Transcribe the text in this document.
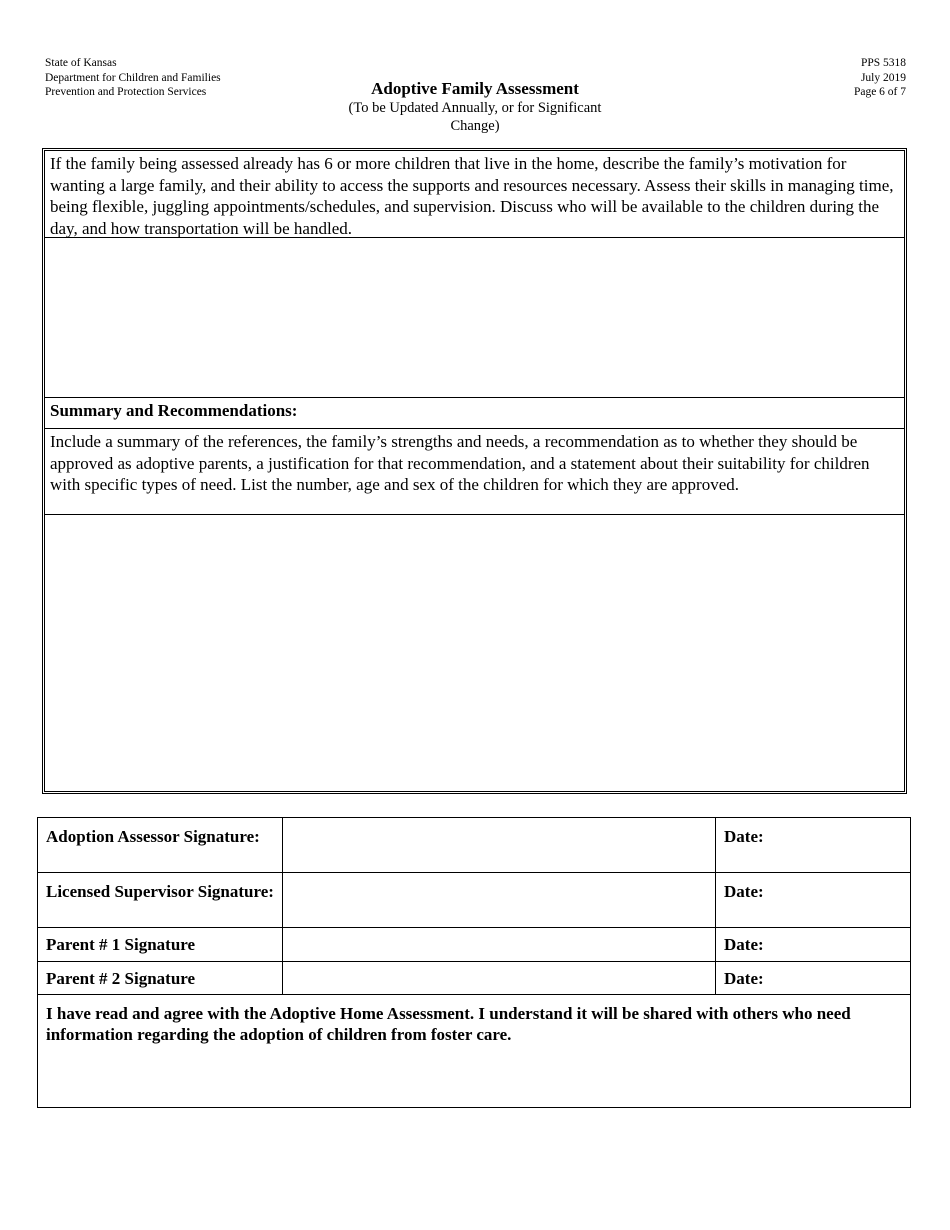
State of Kansas
Department for Children and Families
Prevention and Protection Services	Adoptive Family Assessment
(To be Updated Annually, or for Significant
Change)
PPS 5318
July 2019
Page 6 of 7
If the family being assessed already has 6 or more children that live in the home, describe the family’s motivation for wanting a large family, and their ability to access the supports and resources necessary. Assess their skills in managing time, being flexible, juggling appointments/schedules, and supervision. Discuss who will be available to the children during the day, and how transportation will be handled.
Summary and Recommendations:
Include a summary of the references, the family’s strengths and needs, a recommendation as to whether they should be approved as adoptive parents, a justification for that recommendation, and a statement about their suitability for children with specific types of need. List the number, age and sex of the children for which they are approved.
Adoption Assessor Signature:		Date:
Licensed Supervisor Signature:		Date:
Parent # 1 Signature		Date:
Parent # 2 Signature		Date:
I have read and agree with the Adoptive Home Assessment. I understand it will be shared with others who need information regarding the adoption of children from foster care.		
